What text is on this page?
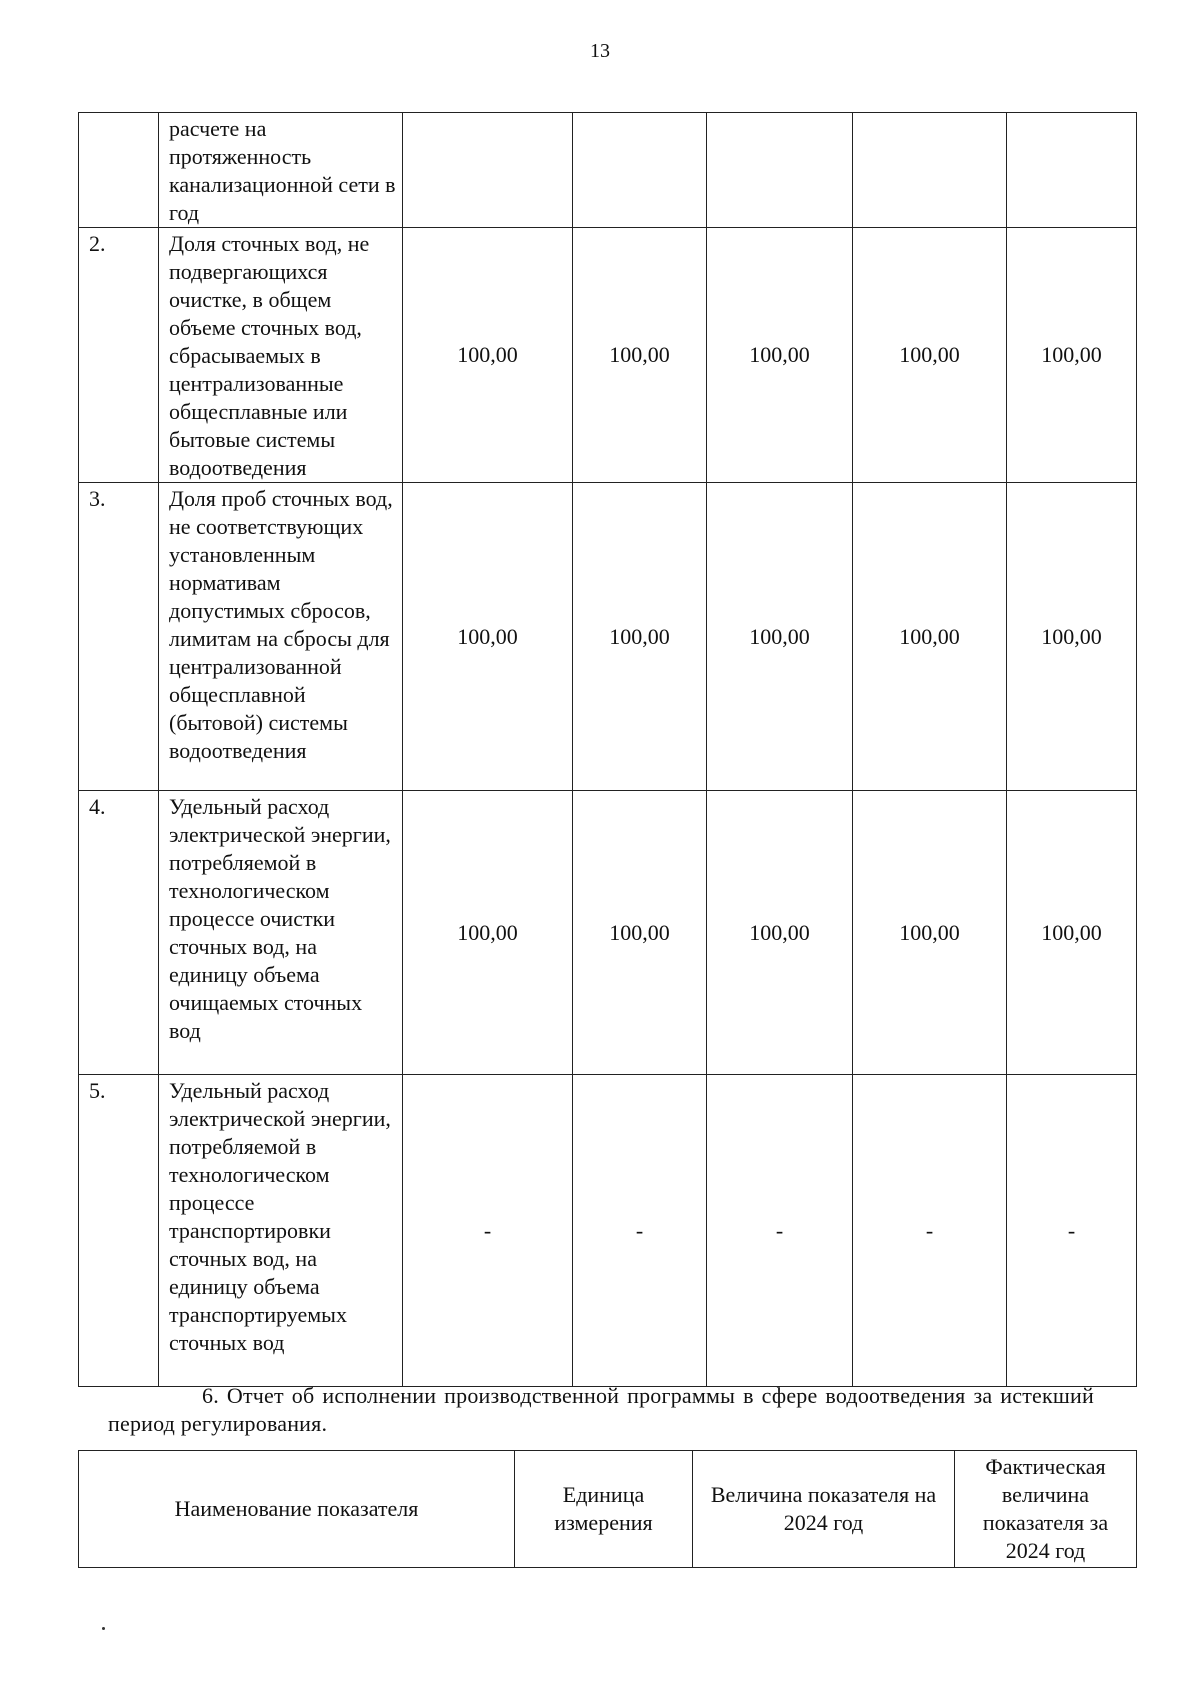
13
	расчете на протяженность канализационной сети в год					
2.	Доля сточных вод, не подвергающихся очистке, в общем объеме сточных вод, сбрасываемых в централизованные общесплавные или бытовые системы водоотведения	100,00	100,00	100,00	100,00	100,00
3.	Доля проб сточных вод, не соответствующих установленным нормативам допустимых сбросов, лимитам на сбросы для централизованной общесплавной (бытовой) системы водоотведения	100,00	100,00	100,00	100,00	100,00
4.	Удельный расход электрической энергии, потребляемой в технологическом процессе очистки сточных вод, на единицу объема очищаемых сточных вод	100,00	100,00	100,00	100,00	100,00
5.	Удельный расход электрической энергии, потребляемой в технологическом процессе транспортировки сточных вод, на единицу объема транспортируемых сточных вод	-	-	-	-	-

6. Отчет об исполнении производственной программы в сфере водоотведения за истекший период регулирования.

Наименование показателя	Единица измерения	Величина показателя на 2024 год	Фактическая величина показателя за 2024 год
